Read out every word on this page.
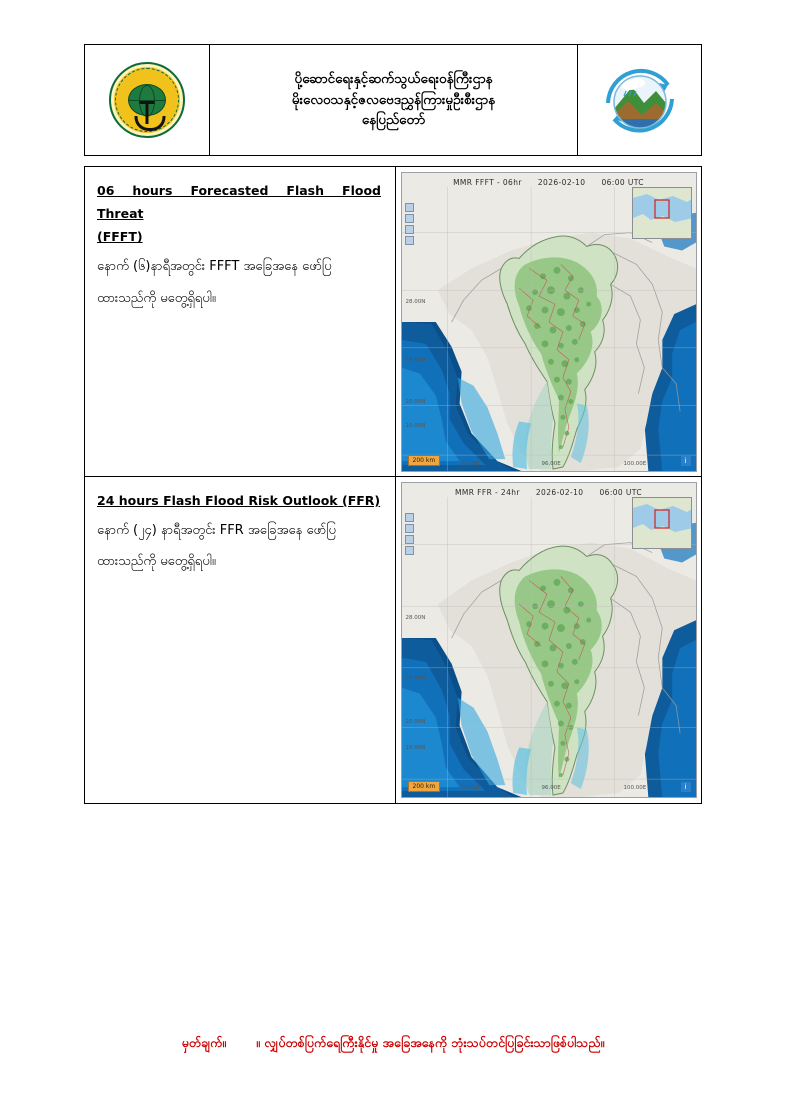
ပို့ဆောင်ရေးနှင့်ဆက်သွယ်ရေးဝန်ကြီးဌာန
မိုးလေဝသနှင့်ဇလဗေဒညွှန်ကြားမှုဦးစီးဌာန
နေပြည်တော်
06 hours Forecasted Flash Flood Threat
(FFFT)
နောက် (၆)နာရီအတွင်း FFFT အခြေအနေ ဖော်ပြ
ထားသည်ကို မတွေ့ရှိရပါ။
MMR FFFT - 06hr 2026-02-10 06:00 UTC
28.00N
24.00N
20.00N
16.00N
92.00E	96.00E	100.00E
200 km	i
24 hours Flash Flood Risk Outlook (FFR)
နောက် (၂၄) နာရီအတွင်း FFR အခြေအနေ ဖော်ပြ
ထားသည်ကို မတွေ့ရှိရပါ။
MMR FFR - 24hr 2026-02-10 06:00 UTC
28.00N
24.00N
20.00N
16.00N
92.00E	96.00E	100.00E
200 km	i
မှတ်ချက်။ ။ လျှပ်တစ်ပြက်ရေကြီးနိုင်မှု အခြေအနေကို ဘုံးသပ်တင်ပြခြင်းသာဖြစ်ပါသည်။
